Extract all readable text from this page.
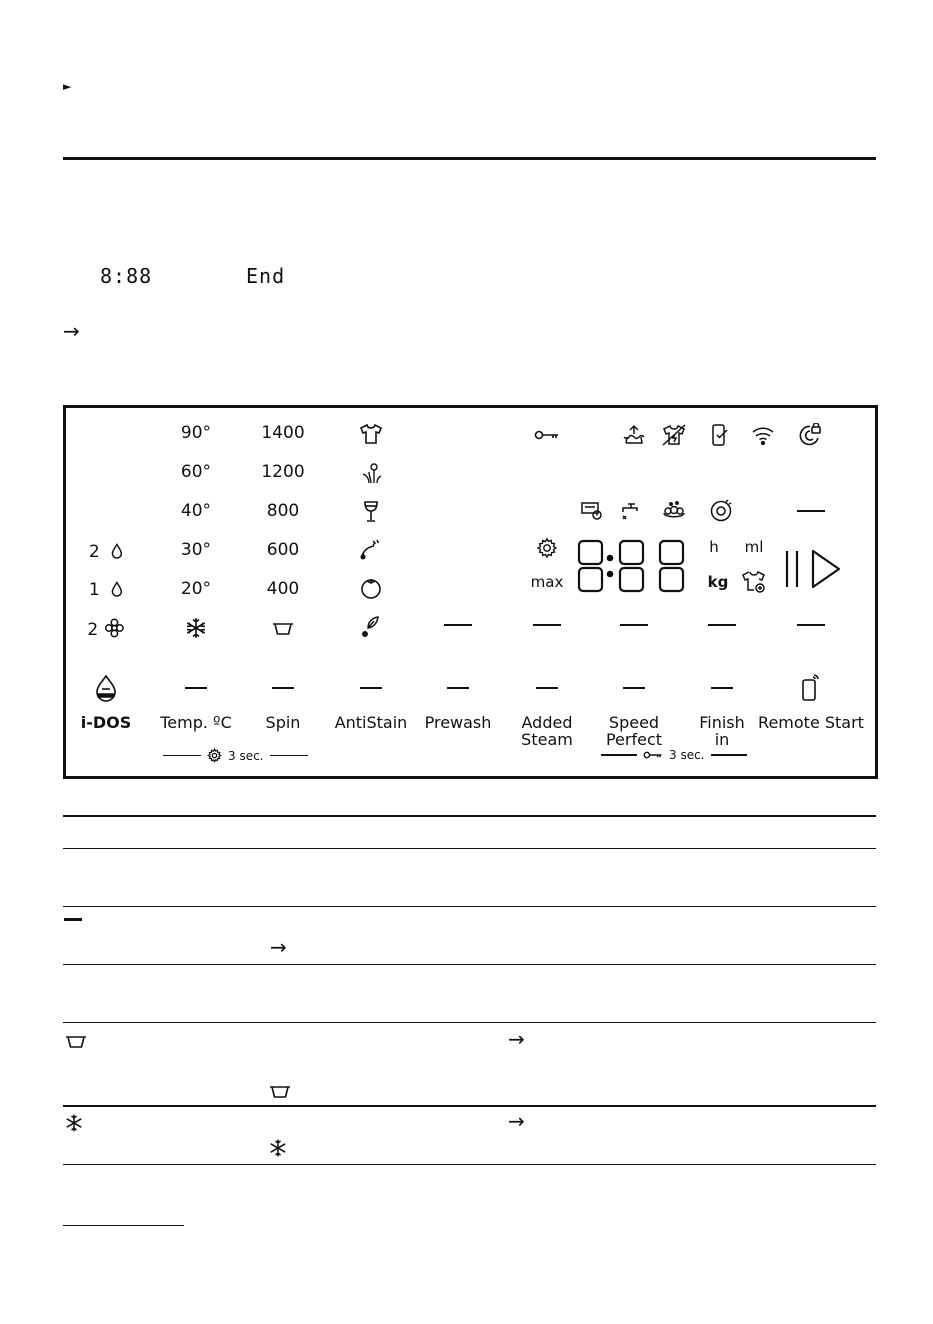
►
8:88	End
→
90°
60°
40°
30°
20°
1400
1200
800
600
400
2
1
2
max
h ml
kg
i-DOS Temp. ºC Spin AntiStain Prewash Added
Steam
Speed
Perfect
Finish
in
Remote Start
3 sec.	3 sec.
→
→
→
